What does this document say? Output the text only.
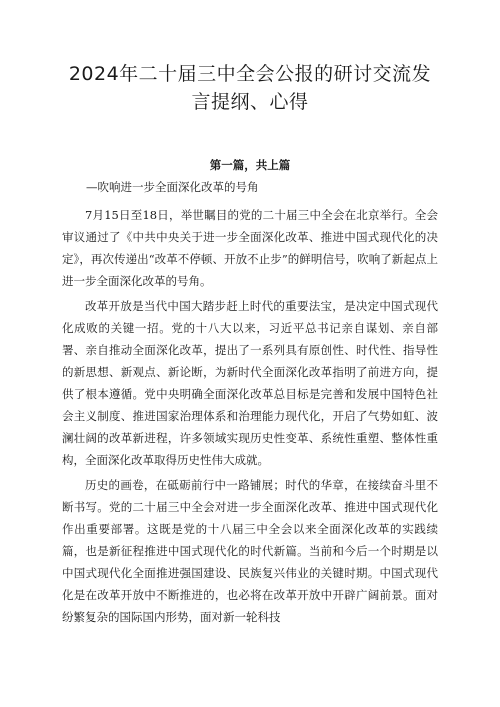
2024年二十届三中全会公报的研讨交流发
言提纲、心得
第一篇，共上篇
—吹响进一步全面深化改革的号角

7月15日至18日，举世瞩目的党的二十届三中全会在北京举行。全会审议通过了《中共中央关于进一步全面深化改革、推进中国式现代化的决定》，再次传递出“改革不停顿、开放不止步”的鲜明信号，吹响了新起点上进一步全面深化改革的号角。

改革开放是当代中国大踏步赶上时代的重要法宝，是决定中国式现代化成败的关键一招。党的十八大以来，习近平总书记亲自谋划、亲自部署、亲自推动全面深化改革，提出了一系列具有原创性、时代性、指导性的新思想、新观点、新论断，为新时代全面深化改革指明了前进方向，提供了根本遵循。党中央明确全面深化改革总目标是完善和发展中国特色社会主义制度、推进国家治理体系和治理能力现代化，开启了气势如虹、波澜壮阔的改革新进程，许多领域实现历史性变革、系统性重塑、整体性重构，全面深化改革取得历史性伟大成就。

历史的画卷，在砥砺前行中一路铺展；时代的华章，在接续奋斗里不断书写。党的二十届三中全会对进一步全面深化改革、推进中国式现代化作出重要部署。这既是党的十八届三中全会以来全面深化改革的实践续篇，也是新征程推进中国式现代化的时代新篇。当前和今后一个时期是以中国式现代化全面推进强国建设、民族复兴伟业的关键时期。中国式现代化是在改革开放中不断推进的，也必将在改革开放中开辟广阔前景。面对纷繁复杂的国际国内形势，面对新一轮科技
